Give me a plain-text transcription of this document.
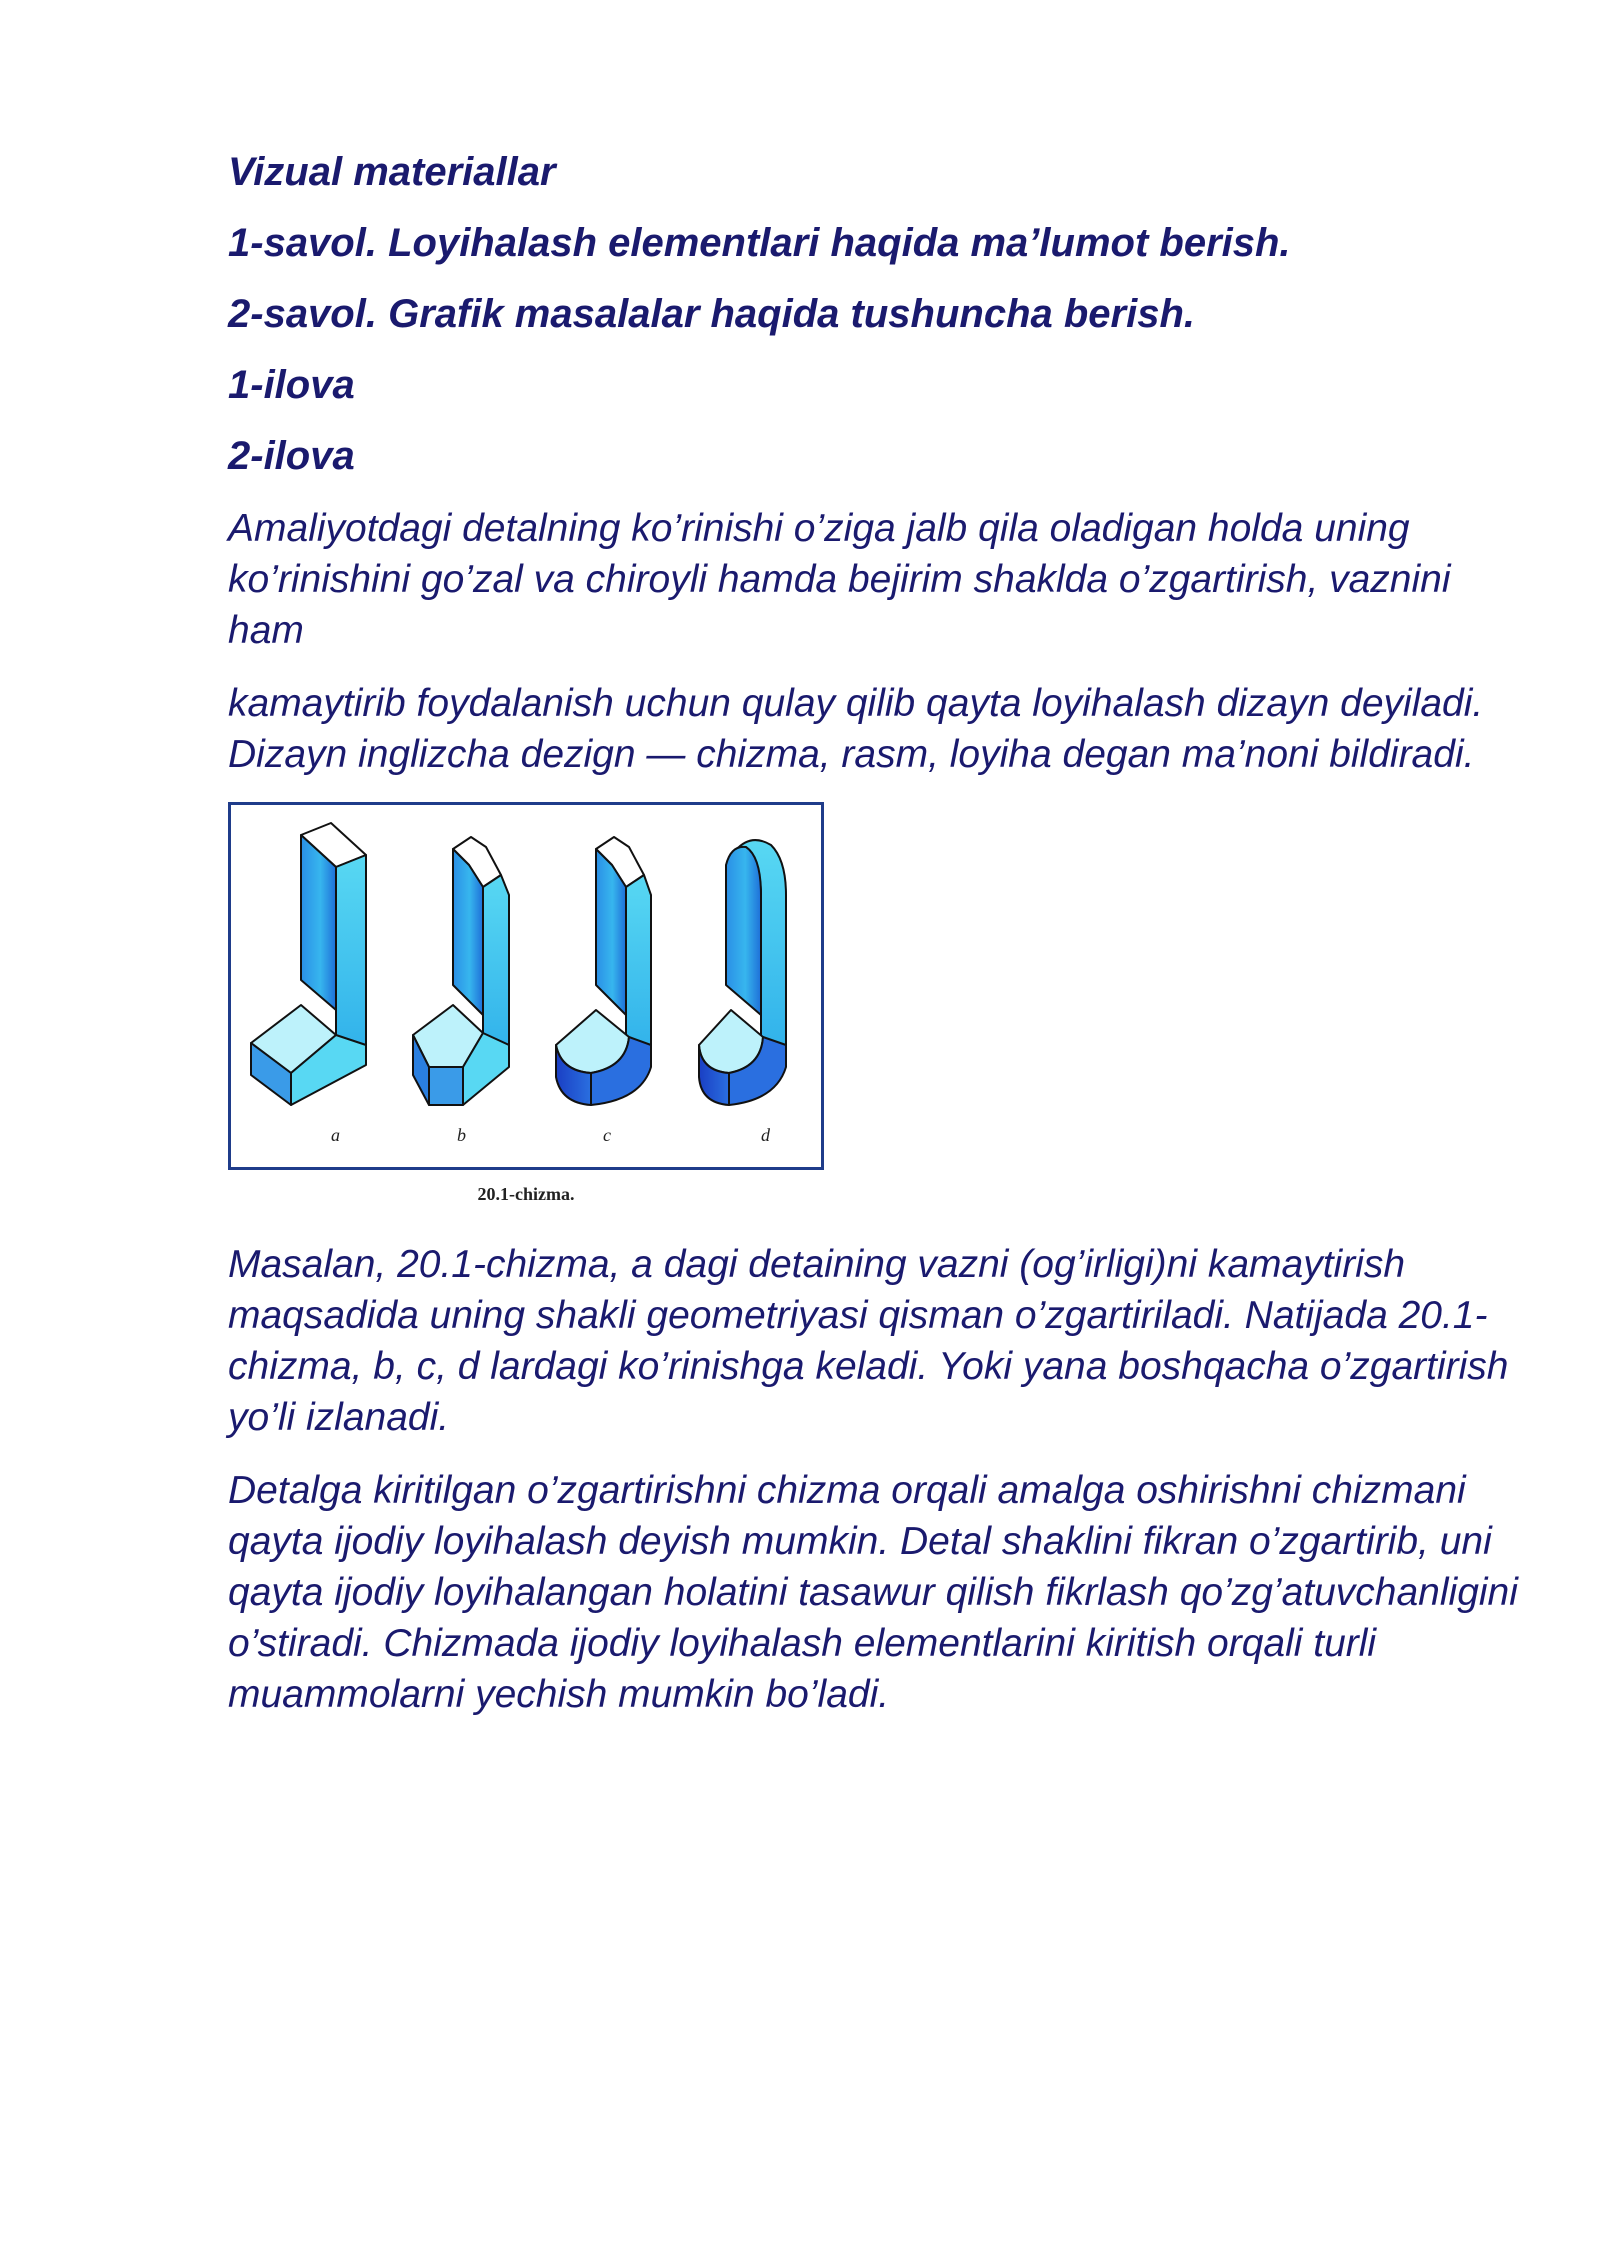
Vizual materiallar
1-savol. Loyihalash elementlari haqida ma’lumot berish.
2-savol. Grafik masalalar haqida tushuncha berish.
1-ilova
2-ilova

Amaliyotdagi detalning ko’rinishi o’ziga jalb qila oladigan holda uning ko’rinishini go’zal va chiroyli hamda bejirim shaklda o’zgartirish, vaznini ham

kamaytirib foydalanish uchun qulay qilib qayta loyihalash dizayn deyiladi. Dizayn inglizcha dezign — chizma, rasm, loyiha degan ma’noni bildiradi.

a	b	c	d
20.1-chizma.

Masalan, 20.1-chizma, a dagi detaining vazni (og’irligi)ni kamaytirish maqsadida uning shakli geometriyasi qisman o’zgartiriladi. Natijada 20.1-chizma, b, c, d lardagi ko’rinishga keladi. Yoki yana boshqacha o’zgartirish yo’li izlanadi.

Detalga kiritilgan o’zgartirishni chizma orqali amalga oshirishni chizmani qayta ijodiy loyihalash deyish mumkin. Detal shaklini fikran o’zgartirib, uni qayta ijodiy loyihalangan holatini tasawur qilish fikrlash qo’zg’atuvchanligini o’stiradi. Chizmada ijodiy loyihalash elementlarini kiritish orqali turli muammolarni yechish mumkin bo’ladi.
